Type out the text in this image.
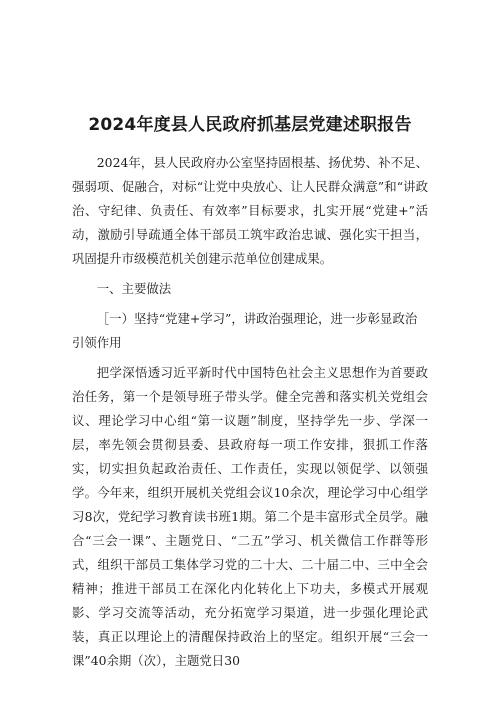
2024年度县人民政府抓基层党建述职报告

2024年，县人民政府办公室坚持固根基、扬优势、补不足、强弱项、促融合，对标“让党中央放心、让人民群众满意”和“讲政治、守纪律、负责任、有效率”目标要求，扎实开展“党建+”活动，激励引导疏通全体干部员工筑牢政治忠诚、强化实干担当，巩固提升市级模范机关创建示范单位创建成果。

一、主要做法

［一）坚持“党建+学习”，讲政治强理论，进一步彰显政治引领作用

把学深悟透习近平新时代中国特色社会主义思想作为首要政治任务，第一个是领导班子带头学。健全完善和落实机关党组会议、理论学习中心组“第一议题”制度，坚持学先一步、学深一层，率先领会贯彻县委、县政府每一项工作安排，狠抓工作落实，切实担负起政治责任、工作责任，实现以领促学、以领强学。今年来，组织开展机关党组会议10余次，理论学习中心组学习8次，党纪学习教育读书班1期。第二个是丰富形式全员学。融合“三会一课”、主题党日、“二五”学习、机关微信工作群等形式，组织干部员工集体学习党的二十大、二十届二中、三中全会精神；推进干部员工在深化内化转化上下功夫，多模式开展观影、学习交流等活动，充分拓宽学习渠道，进一步强化理论武装，真正以理论上的清醒保持政治上的坚定。组织开展“三会一课”40余期（次），主题党日30
